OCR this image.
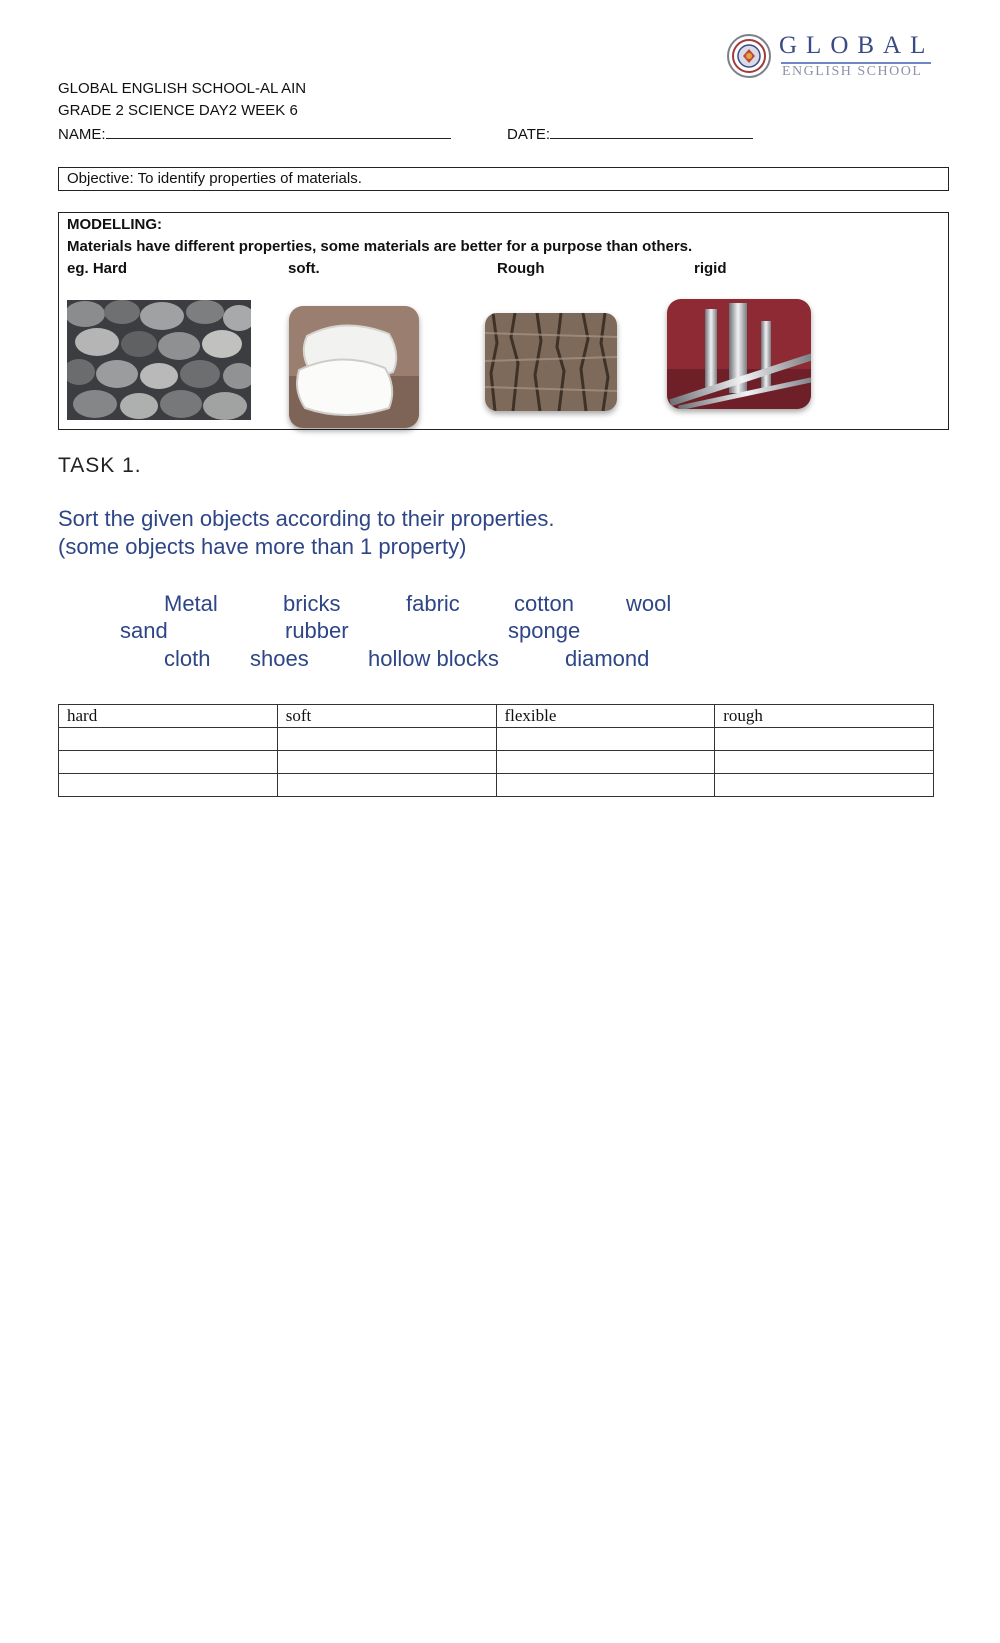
GLOBAL
ENGLISH SCHOOL
GLOBAL ENGLISH SCHOOL-AL AIN
GRADE 2 SCIENCE DAY2 WEEK 6
NAME:	DATE:
Objective: To identify properties of materials.
MODELLING:
Materials have different properties, some materials are better for a purpose than others.
eg. Hard	soft.	Rough	rigid
TASK 1.
Sort the given objects according to their properties.
(some objects have more than 1 property)
Metal	bricks	fabric cotton wool
sand	rubber	sponge
cloth shoes	hollow blocks	diamond
hard	soft	flexible	rough
